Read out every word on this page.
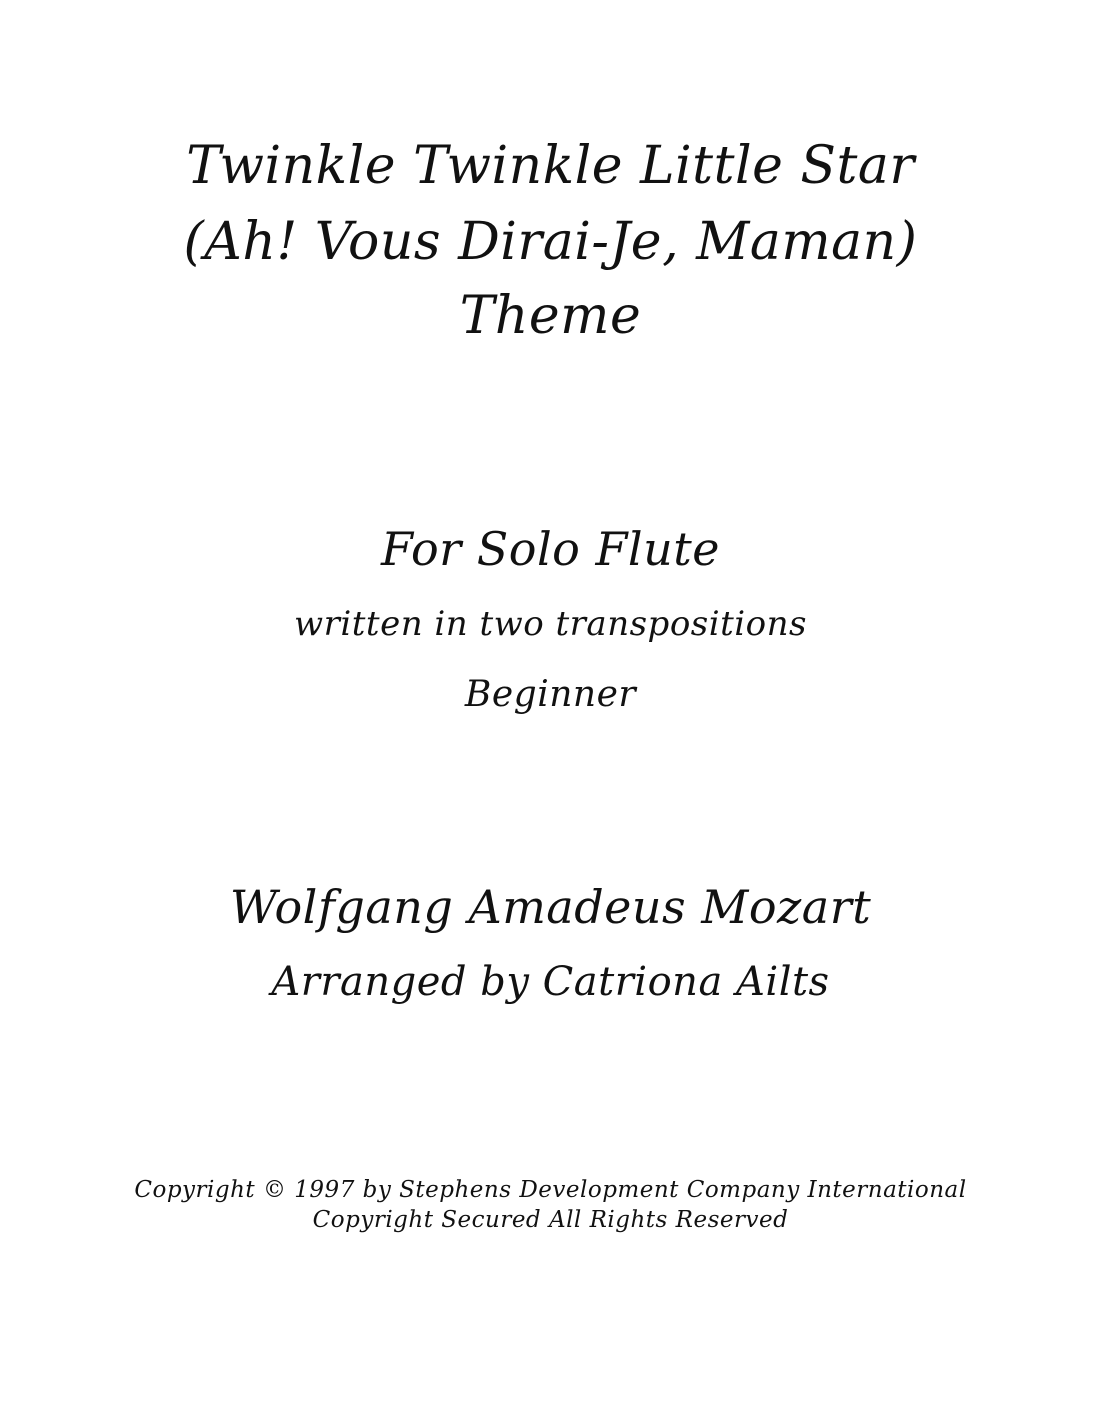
Twinkle Twinkle Little Star
(Ah! Vous Dirai-Je, Maman)
Theme
For Solo Flute
written in two transpositions
Beginner
Wolfgang Amadeus Mozart
Arranged by Catriona Ailts
Copyright © 1997 by Stephens Development Company International
Copyright Secured All Rights Reserved
